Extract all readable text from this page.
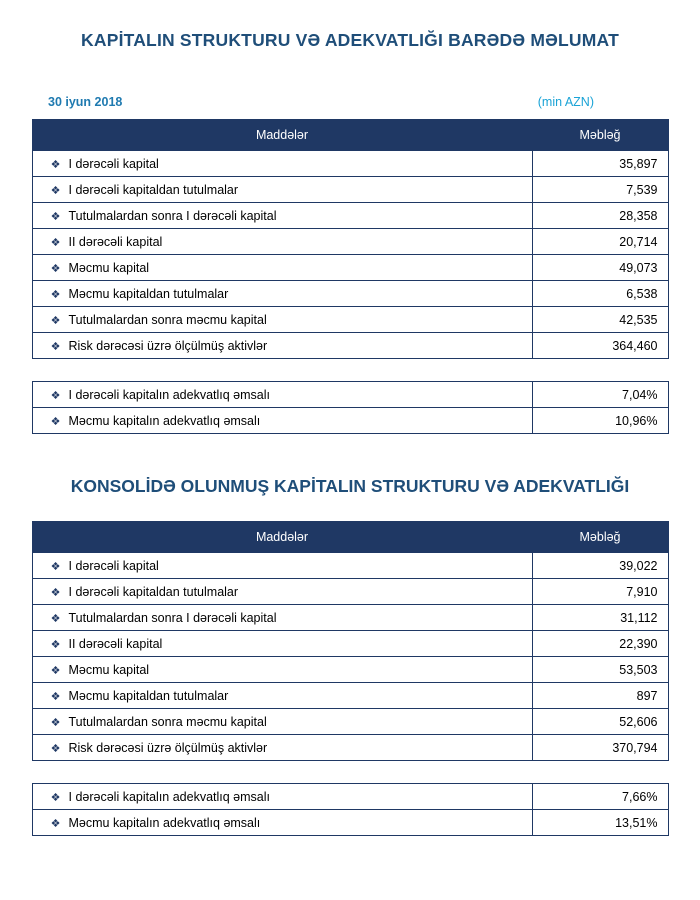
KAPİTALIN STRUKTURU VƏ ADEKVATLIĞI BARƏDƏ MƏLUMAT
30 iyun 2018	(min AZN)
Maddələr	Məbləğ
❖ I dərəcəli kapital	35,897
❖ I dərəcəli kapitaldan tutulmalar	7,539
❖ Tutulmalardan sonra I dərəcəli kapital	28,358
❖ II dərəcəli kapital	20,714
❖ Məcmu kapital	49,073
❖ Məcmu kapitaldan tutulmalar	6,538
❖ Tutulmalardan sonra məcmu kapital	42,535
❖ Risk dərəcəsi üzrə ölçülmüş aktivlər	364,460
❖ I dərəcəli kapitalın adekvatlıq əmsalı	7,04%
❖ Məcmu kapitalın adekvatlıq əmsalı	10,96%
KONSOLİDƏ OLUNMUŞ KAPİTALIN STRUKTURU VƏ ADEKVATLIĞI
Maddələr	Məbləğ
❖ I dərəcəli kapital	39,022
❖ I dərəcəli kapitaldan tutulmalar	7,910
❖ Tutulmalardan sonra I dərəcəli kapital	31,112
❖ II dərəcəli kapital	22,390
❖ Məcmu kapital	53,503
❖ Məcmu kapitaldan tutulmalar	897
❖ Tutulmalardan sonra məcmu kapital	52,606
❖ Risk dərəcəsi üzrə ölçülmüş aktivlər	370,794
❖ I dərəcəli kapitalın adekvatlıq əmsalı	7,66%
❖ Məcmu kapitalın adekvatlıq əmsalı	13,51%
